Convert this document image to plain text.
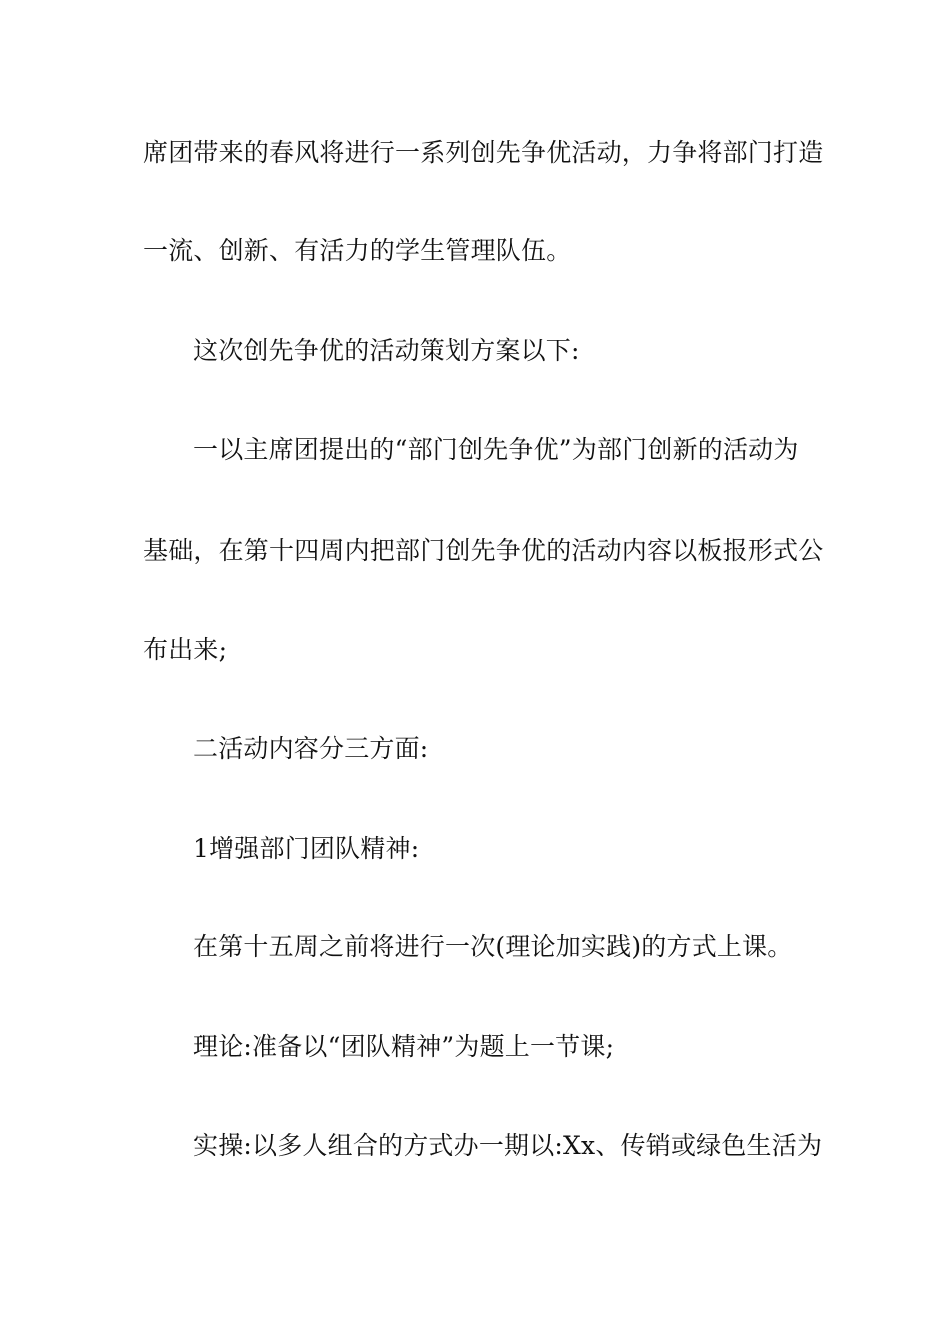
席团带来的春风将进行一系列创先争优活动，力争将部门打造

一流、创新、有活力的学生管理队伍。

这次创先争优的活动策划方案以下:

一以主席团提出的“部门创先争优”为部门创新的活动为

基础，在第十四周内把部门创先争优的活动内容以板报形式公

布出来;

二活动内容分三方面:

1增强部门团队精神:

在第十五周之前将进行一次(理论加实践)的方式上课。

理论:准备以“团队精神”为题上一节课;

实操:以多人组合的方式办一期以:Xx、传销或绿色生活为
